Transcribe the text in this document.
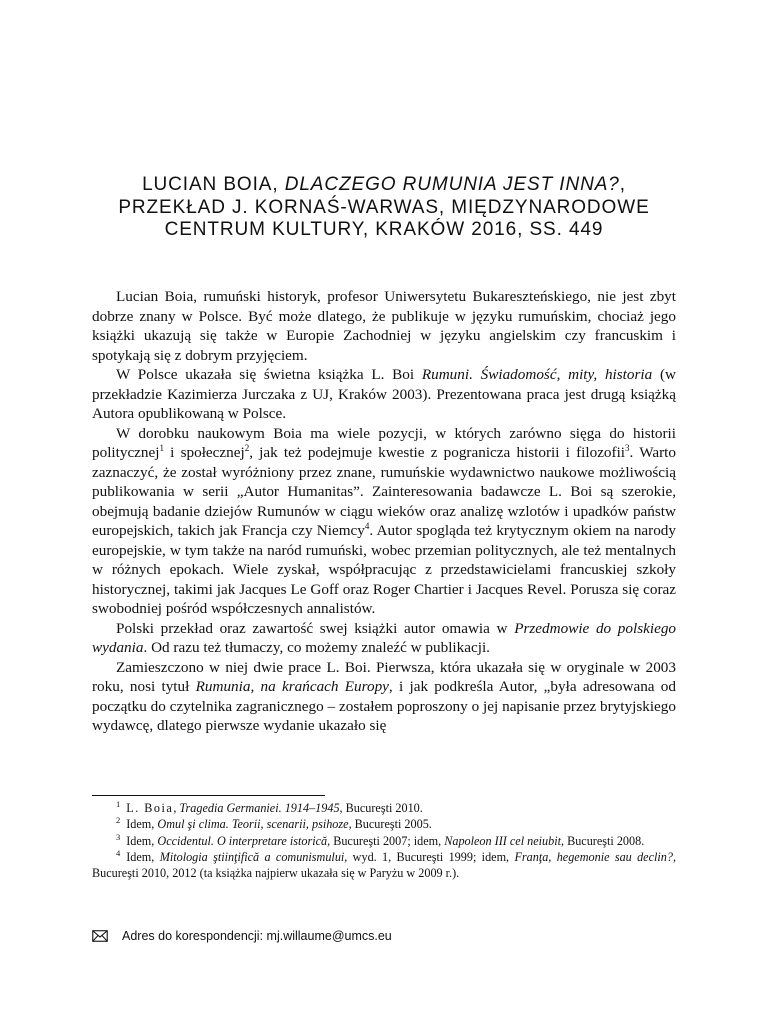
LUCIAN BOIA, DLACZEGO RUMUNIA JEST INNA?,
PRZEKŁAD J. KORNAŚ-WARWAS, MIĘDZYNARODOWE
CENTRUM KULTURY, KRAKÓW 2016, SS. 449

Lucian Boia, rumuński historyk, profesor Uniwersytetu Bukareszteńskiego, nie jest zbyt dobrze znany w Polsce. Być może dlatego, że publikuje w języku rumuńskim, chociaż jego książki ukazują się także w Europie Zachodniej w języku angielskim czy francuskim i spotykają się z dobrym przyjęciem.

W Polsce ukazała się świetna książka L. Boi Rumuni. Świadomość, mity, historia (w przekładzie Kazimierza Jurczaka z UJ, Kraków 2003). Prezentowana praca jest drugą książką Autora opublikowaną w Polsce.

W dorobku naukowym Boia ma wiele pozycji, w których zarówno sięga do historii politycznej$^1$ i społecznej$^2$, jak też podejmuje kwestie z pogranicza historii i filozofii$^3$. Warto zaznaczyć, że został wyróżniony przez znane, rumuńskie wydawnictwo naukowe możliwością publikowania w serii „Autor Humanitas”. Zainteresowania badawcze L. Boi są szerokie, obejmują badanie dziejów Rumunów w ciągu wieków oraz analizę wzlotów i upadków państw europejskich, takich jak Francja czy Niemcy$^4$. Autor spogląda też krytycznym okiem na narody europejskie, w tym także na naród rumuński, wobec przemian politycznych, ale też mentalnych w różnych epokach. Wiele zyskał, współpracując z przedstawicielami francuskiej szkoły historycznej, takimi jak Jacques Le Goff oraz Roger Chartier i Jacques Revel. Porusza się coraz swobodniej pośród współczesnych annalistów.

Polski przekład oraz zawartość swej książki autor omawia w Przedmowie do polskiego wydania. Od razu też tłumaczy, co możemy znaleźć w publikacji.

Zamieszczono w niej dwie prace L. Boi. Pierwsza, która ukazała się w oryginale w 2003 roku, nosi tytuł Rumunia, na krańcach Europy, i jak podkreśla Autor, „była adresowana od początku do czytelnika zagranicznego – zostałem poproszony o jej napisanie przez brytyjskiego wydawcę, dlatego pierwsze wydanie ukazało się

$^1$ L. Boia, Tragedia Germaniei. 1914–1945, Bucureşti 2010.

$^2$ Idem, Omul şi clima. Teorii, scenarii, psihoze, Bucureşti 2005.

$^3$ Idem, Occidentul. O interpretare istorică, Bucureşti 2007; idem, Napoleon III cel neiubit, Bucureşti 2008.

$^4$ Idem, Mitologia ştiinţifică a comunismului, wyd. 1, Bucureşti 1999; idem, Franţa, hegemonie sau declin?, Bucureşti 2010, 2012 (ta książka najpierw ukazała się w Paryżu w 2009 r.).

Adres do korespondencji: mj.willaume@umcs.eu
